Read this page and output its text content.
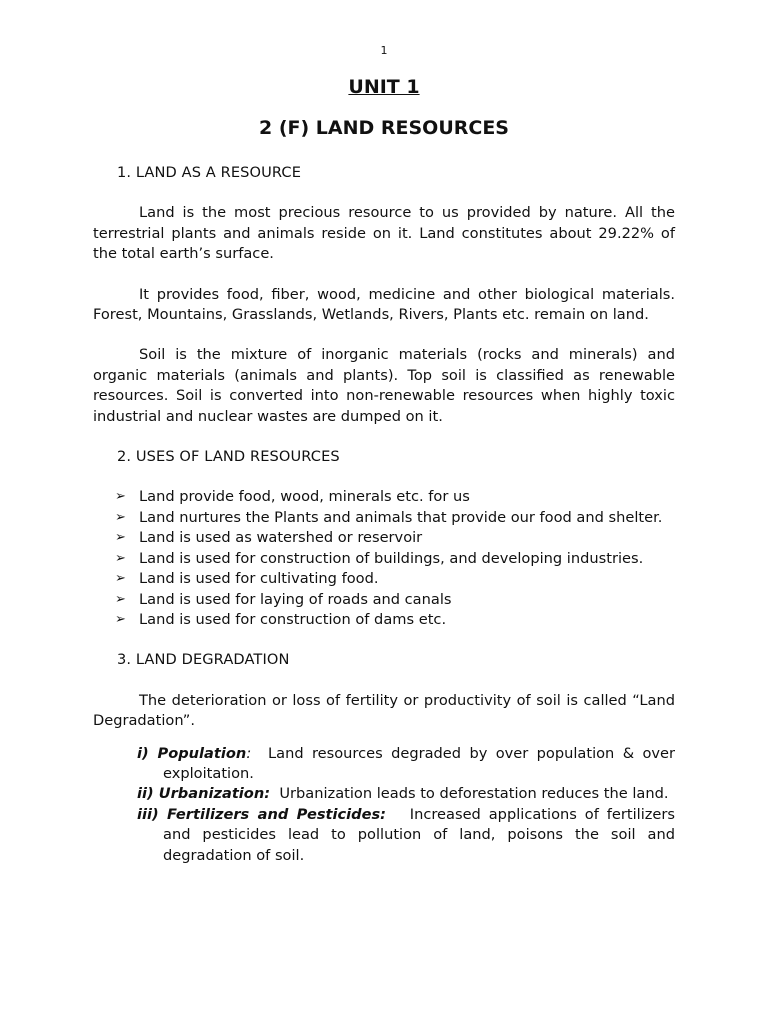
1
UNIT 1
2 (F) LAND RESOURCES
1. LAND AS A RESOURCE

Land is the most precious resource to us provided by nature. All the terrestrial plants and animals reside on it. Land constitutes about 29.22% of the total earth’s surface.

It provides food, fiber, wood, medicine and other biological materials. Forest, Mountains, Grasslands, Wetlands, Rivers, Plants etc. remain on land.

Soil is the mixture of inorganic materials (rocks and minerals) and organic materials (animals and plants). Top soil is classified as renewable resources. Soil is converted into non-renewable resources when highly toxic industrial and nuclear wastes are dumped on it.

2. USES OF LAND RESOURCES
➢ Land provide food, wood, minerals etc. for us
➢ Land nurtures the Plants and animals that provide our food and shelter.
➢ Land is used as watershed or reservoir
➢ Land is used for construction of buildings, and developing industries.
➢ Land is used for cultivating food.
➢ Land is used for laying of roads and canals
➢ Land is used for construction of dams etc.
3. LAND DEGRADATION

The deterioration or loss of fertility or productivity of soil is called “Land Degradation”.

i) Population: Land resources degraded by over population & over exploitation.
ii) Urbanization: Urbanization leads to deforestation reduces the land.
iii) Fertilizers and Pesticides: Increased applications of fertilizers and pesticides lead to pollution of land, poisons the soil and degradation of soil.
